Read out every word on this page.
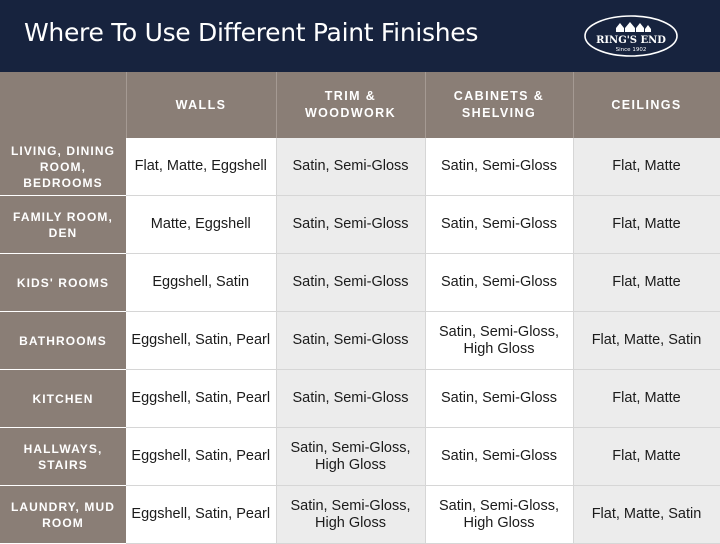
Where To Use Different Paint Finishes	RING'S END
Since 1902
	WALLS	TRIM & WOODWORK	CABINETS & SHELVING	CEILINGS
LIVING, DINING ROOM, BEDROOMS	Flat, Matte, Eggshell	Satin, Semi-Gloss	Satin, Semi-Gloss	Flat, Matte
FAMILY ROOM, DEN	Matte, Eggshell	Satin, Semi-Gloss	Satin, Semi-Gloss	Flat, Matte
KIDS' ROOMS	Eggshell, Satin	Satin, Semi-Gloss	Satin, Semi-Gloss	Flat, Matte
BATHROOMS	Eggshell, Satin, Pearl	Satin, Semi-Gloss	Satin, Semi-Gloss, High Gloss	Flat, Matte, Satin
KITCHEN	Eggshell, Satin, Pearl	Satin, Semi-Gloss	Satin, Semi-Gloss	Flat, Matte
HALLWAYS, STAIRS	Eggshell, Satin, Pearl	Satin, Semi-Gloss, High Gloss	Satin, Semi-Gloss	Flat, Matte
LAUNDRY, MUD ROOM	Eggshell, Satin, Pearl	Satin, Semi-Gloss, High Gloss	Satin, Semi-Gloss, High Gloss	Flat, Matte, Satin
